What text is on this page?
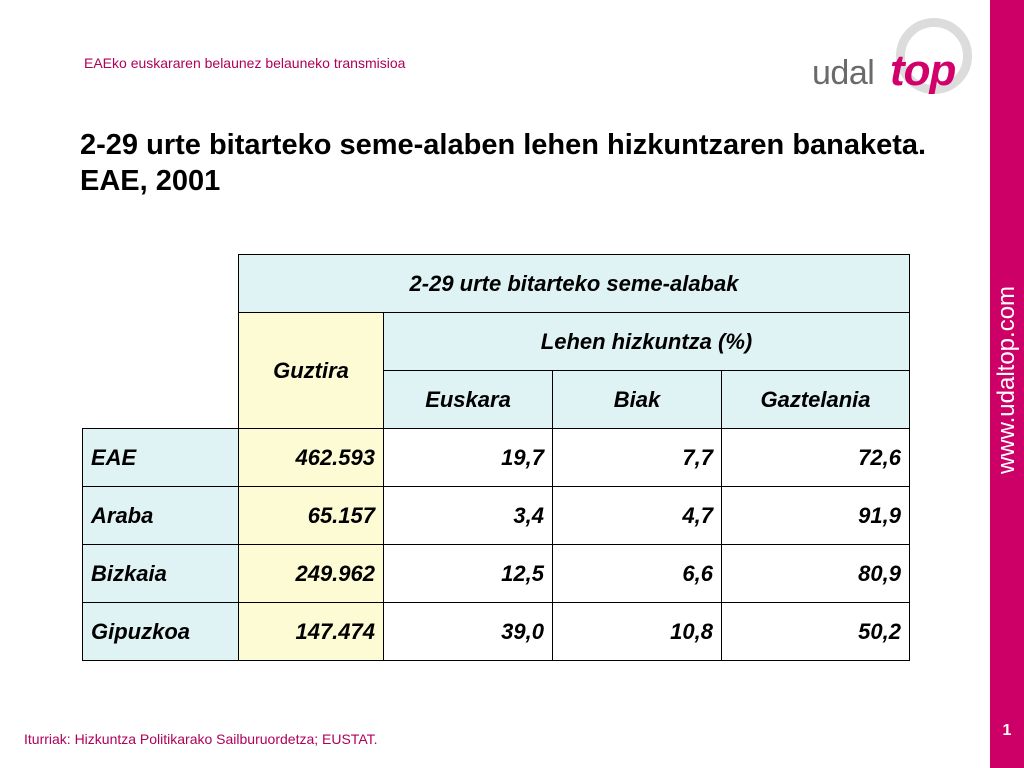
EAEko euskararen belaunez belauneko transmisioa	udal top
www.udaltop.com
1
2-29 urte bitarteko seme-alaben lehen hizkuntzaren banaketa. EAE, 2001
	2-29 urte bitarteko seme-alabak			
	Guztira	Lehen hizkuntza (%)		
		Euskara	Biak	Gaztelania
EAE	462.593	19,7	7,7	72,6
Araba	65.157	3,4	4,7	91,9
Bizkaia	249.962	12,5	6,6	80,9
Gipuzkoa	147.474	39,0	10,8	50,2
Iturriak: Hizkuntza Politikarako Sailburuordetza; EUSTAT.
